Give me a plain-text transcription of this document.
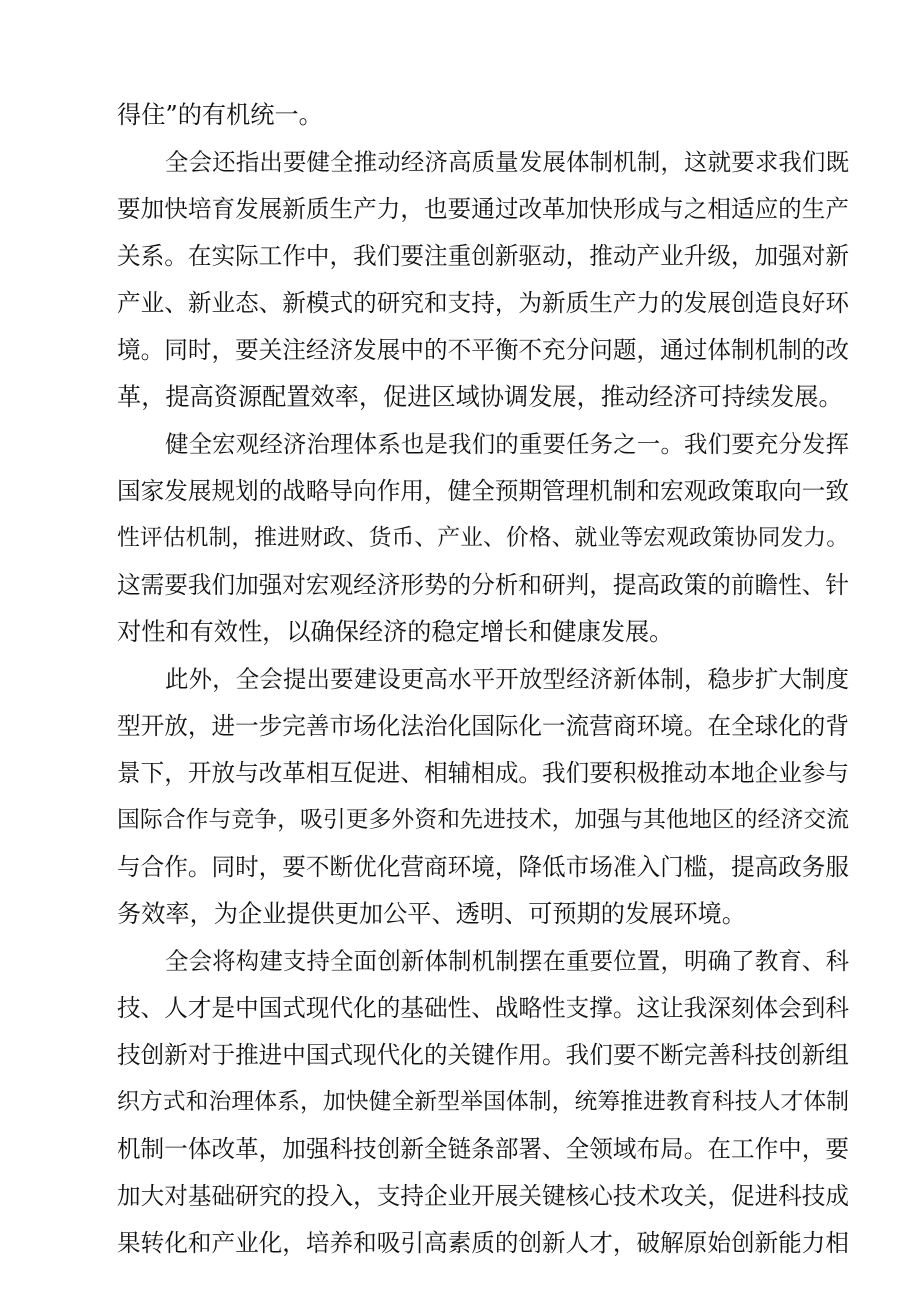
得住”的有机统一。
全会还指出要健全推动经济高质量发展体制机制，这就要求我们既
要加快培育发展新质生产力，也要通过改革加快形成与之相适应的生产
关系。在实际工作中，我们要注重创新驱动，推动产业升级，加强对新
产业、新业态、新模式的研究和支持，为新质生产力的发展创造良好环
境。同时，要关注经济发展中的不平衡不充分问题，通过体制机制的改
革，提高资源配置效率，促进区域协调发展，推动经济可持续发展。
健全宏观经济治理体系也是我们的重要任务之一。我们要充分发挥
国家发展规划的战略导向作用，健全预期管理机制和宏观政策取向一致
性评估机制，推进财政、货币、产业、价格、就业等宏观政策协同发力。
这需要我们加强对宏观经济形势的分析和研判，提高政策的前瞻性、针
对性和有效性，以确保经济的稳定增长和健康发展。
此外，全会提出要建设更高水平开放型经济新体制，稳步扩大制度
型开放，进一步完善市场化法治化国际化一流营商环境。在全球化的背
景下，开放与改革相互促进、相辅相成。我们要积极推动本地企业参与
国际合作与竞争，吸引更多外资和先进技术，加强与其他地区的经济交流
与合作。同时，要不断优化营商环境，降低市场准入门槛，提高政务服
务效率，为企业提供更加公平、透明、可预期的发展环境。
全会将构建支持全面创新体制机制摆在重要位置，明确了教育、科
技、人才是中国式现代化的基础性、战略性支撑。这让我深刻体会到科
技创新对于推进中国式现代化的关键作用。我们要不断完善科技创新组
织方式和治理体系，加快健全新型举国体制，统筹推进教育科技人才体制
机制一体改革，加强科技创新全链条部署、全领域布局。在工作中，要
加大对基础研究的投入，支持企业开展关键核心技术攻关，促进科技成
果转化和产业化，培养和吸引高素质的创新人才，破解原始创新能力相
